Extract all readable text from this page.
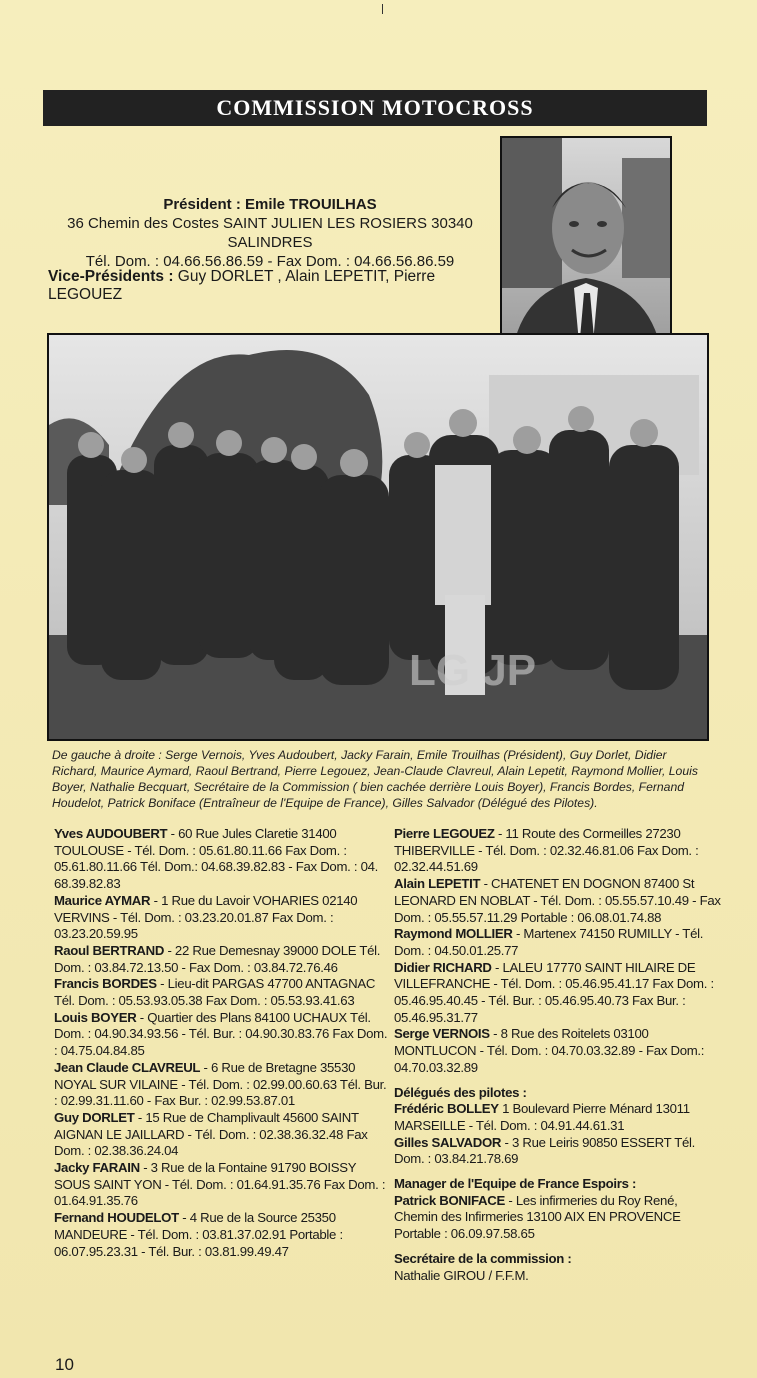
COMMISSION MOTOCROSS
Président : Emile TROUILHAS
36 Chemin des Costes SAINT JULIEN LES ROSIERS 30340 SALINDRES
Tél. Dom. : 04.66.56.86.59 - Fax Dom. : 04.66.56.86.59
Vice-Présidents : Guy DORLET , Alain LEPETIT, Pierre LEGOUEZ
LG JP
De gauche à droite : Serge Vernois, Yves Audoubert, Jacky Farain, Emile Trouilhas (Président), Guy Dorlet, Didier Richard, Maurice Aymard, Raoul Bertrand, Pierre Legouez, Jean-Claude Clavreul, Alain Lepetit, Raymond Mollier, Louis Boyer, Nathalie Becquart, Secrétaire de la Commission ( bien cachée derrière Louis Boyer), Francis Bordes, Fernand Houdelot, Patrick Boniface (Entraîneur de l'Equipe de France), Gilles Salvador (Délégué des Pilotes).

Yves AUDOUBERT - 60 Rue Jules Claretie 31400 TOULOUSE - Tél. Dom. : 05.61.80.11.66 Fax Dom. : 05.61.80.11.66 Tél. Dom.: 04.68.39.82.83 - Fax Dom. : 04. 68.39.82.83

Maurice AYMAR - 1 Rue du Lavoir VOHARIES 02140 VERVINS - Tél. Dom. : 03.23.20.01.87 Fax Dom. : 03.23.20.59.95

Raoul BERTRAND - 22 Rue Demesnay 39000 DOLE Tél. Dom. : 03.84.72.13.50 - Fax Dom. : 03.84.72.76.46

Francis BORDES - Lieu-dit PARGAS 47700 ANTAGNAC Tél. Dom. : 05.53.93.05.38 Fax Dom. : 05.53.93.41.63

Louis BOYER - Quartier des Plans 84100 UCHAUX Tél. Dom. : 04.90.34.93.56 - Tél. Bur. : 04.90.30.83.76 Fax Dom. : 04.75.04.84.85

Jean Claude CLAVREUL - 6 Rue de Bretagne 35530 NOYAL SUR VILAINE - Tél. Dom. : 02.99.00.60.63 Tél. Bur. : 02.99.31.11.60 - Fax Bur. : 02.99.53.87.01

Guy DORLET - 15 Rue de Champlivault 45600 SAINT AIGNAN LE JAILLARD - Tél. Dom. : 02.38.36.32.48 Fax Dom. : 02.38.36.24.04

Jacky FARAIN - 3 Rue de la Fontaine 91790 BOISSY SOUS SAINT YON - Tél. Dom. : 01.64.91.35.76 Fax Dom. : 01.64.91.35.76

Fernand HOUDELOT - 4 Rue de la Source 25350 MANDEURE - Tél. Dom. : 03.81.37.02.91 Portable : 06.07.95.23.31 - Tél. Bur. : 03.81.99.49.47

Pierre LEGOUEZ - 11 Route des Cormeilles 27230 THIBERVILLE - Tél. Dom. : 02.32.46.81.06 Fax Dom. : 02.32.44.51.69

Alain LEPETIT - CHATENET EN DOGNON 87400 St LEONARD EN NOBLAT - Tél. Dom. : 05.55.57.10.49 - Fax Dom. : 05.55.57.11.29 Portable : 06.08.01.74.88

Raymond MOLLIER - Martenex 74150 RUMILLY - Tél. Dom. : 04.50.01.25.77

Didier RICHARD - LALEU 17770 SAINT HILAIRE DE VILLEFRANCHE - Tél. Dom. : 05.46.95.41.17 Fax Dom. : 05.46.95.40.45 - Tél. Bur. : 05.46.95.40.73 Fax Bur. : 05.46.95.31.77

Serge VERNOIS - 8 Rue des Roitelets 03100 MONTLUCON - Tél. Dom. : 04.70.03.32.89 - Fax Dom.: 04.70.03.32.89

Délégués des pilotes :

Frédéric BOLLEY 1 Boulevard Pierre Ménard 13011 MARSEILLE - Tél. Dom. : 04.91.44.61.31

Gilles SALVADOR - 3 Rue Leiris 90850 ESSERT Tél. Dom. : 03.84.21.78.69

Manager de l'Equipe de France Espoirs :

Patrick BONIFACE - Les infirmeries du Roy René, Chemin des Infirmeries 13100 AIX EN PROVENCE Portable : 06.09.97.58.65

Secrétaire de la commission :
Nathalie GIROU / F.F.M.
10
